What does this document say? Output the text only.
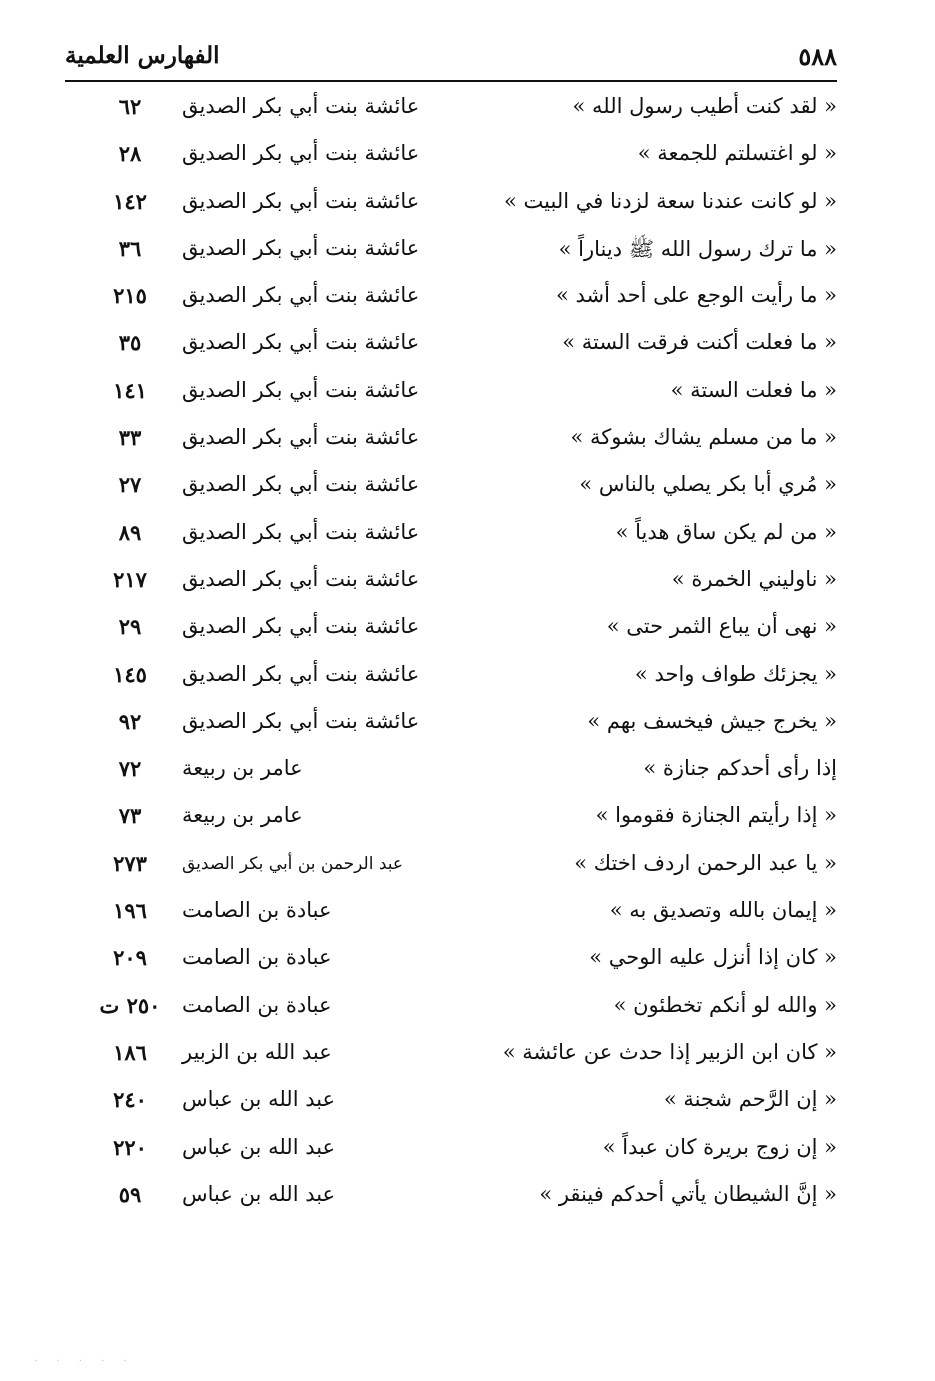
٥٨٨
الفهارس العلمية
« لقد كنت أطيب رسول الله »
عائشة بنت أبي بكر الصديق
٦٢
« لو اغتسلتم للجمعة »
عائشة بنت أبي بكر الصديق
٢٨
« لو كانت عندنا سعة لزدنا في البيت »
عائشة بنت أبي بكر الصديق
١٤٢
« ما ترك رسول الله ﷺ ديناراً »
عائشة بنت أبي بكر الصديق
٣٦
« ما رأيت الوجع على أحد أشد »
عائشة بنت أبي بكر الصديق
٢١٥
« ما فعلت أكنت فرقت الستة »
عائشة بنت أبي بكر الصديق
٣٥
« ما فعلت الستة »
عائشة بنت أبي بكر الصديق
١٤١
« ما من مسلم يشاك بشوكة »
عائشة بنت أبي بكر الصديق
٣٣
« مُري أبا بكر يصلي بالناس »
عائشة بنت أبي بكر الصديق
٢٧
« من لم يكن ساق هدياً »
عائشة بنت أبي بكر الصديق
٨٩
« ناوليني الخمرة »
عائشة بنت أبي بكر الصديق
٢١٧
« نهى أن يباع الثمر حتى »
عائشة بنت أبي بكر الصديق
٢٩
« يجزئك طواف واحد »
عائشة بنت أبي بكر الصديق
١٤٥
« يخرج جيش فيخسف بهم »
عائشة بنت أبي بكر الصديق
٩٢
إذا رأى أحدكم جنازة »
عامر بن ربيعة
٧٢
« إذا رأيتم الجنازة فقوموا »
عامر بن ربيعة
٧٣
« يا عبد الرحمن اردف اختك »
عبد الرحمن بن أبي بكر الصديق
٢٧٣
« إيمان بالله وتصديق به »
عبادة بن الصامت
١٩٦
« كان إذا أنزل عليه الوحي »
عبادة بن الصامت
٢٠٩
« والله لو أنكم تخطئون »
عبادة بن الصامت
٢٥٠ ت
« كان ابن الزبير إذا حدث عن عائشة »
عبد الله بن الزبير
١٨٦
« إن الرَّحم شجنة »
عبد الله بن عباس
٢٤٠
« إن زوج بريرة كان عبداً »
عبد الله بن عباس
٢٢٠
« إنَّ الشيطان يأتي أحدكم فينقر »
عبد الله بن عباس
٥٩
· · · · ·
